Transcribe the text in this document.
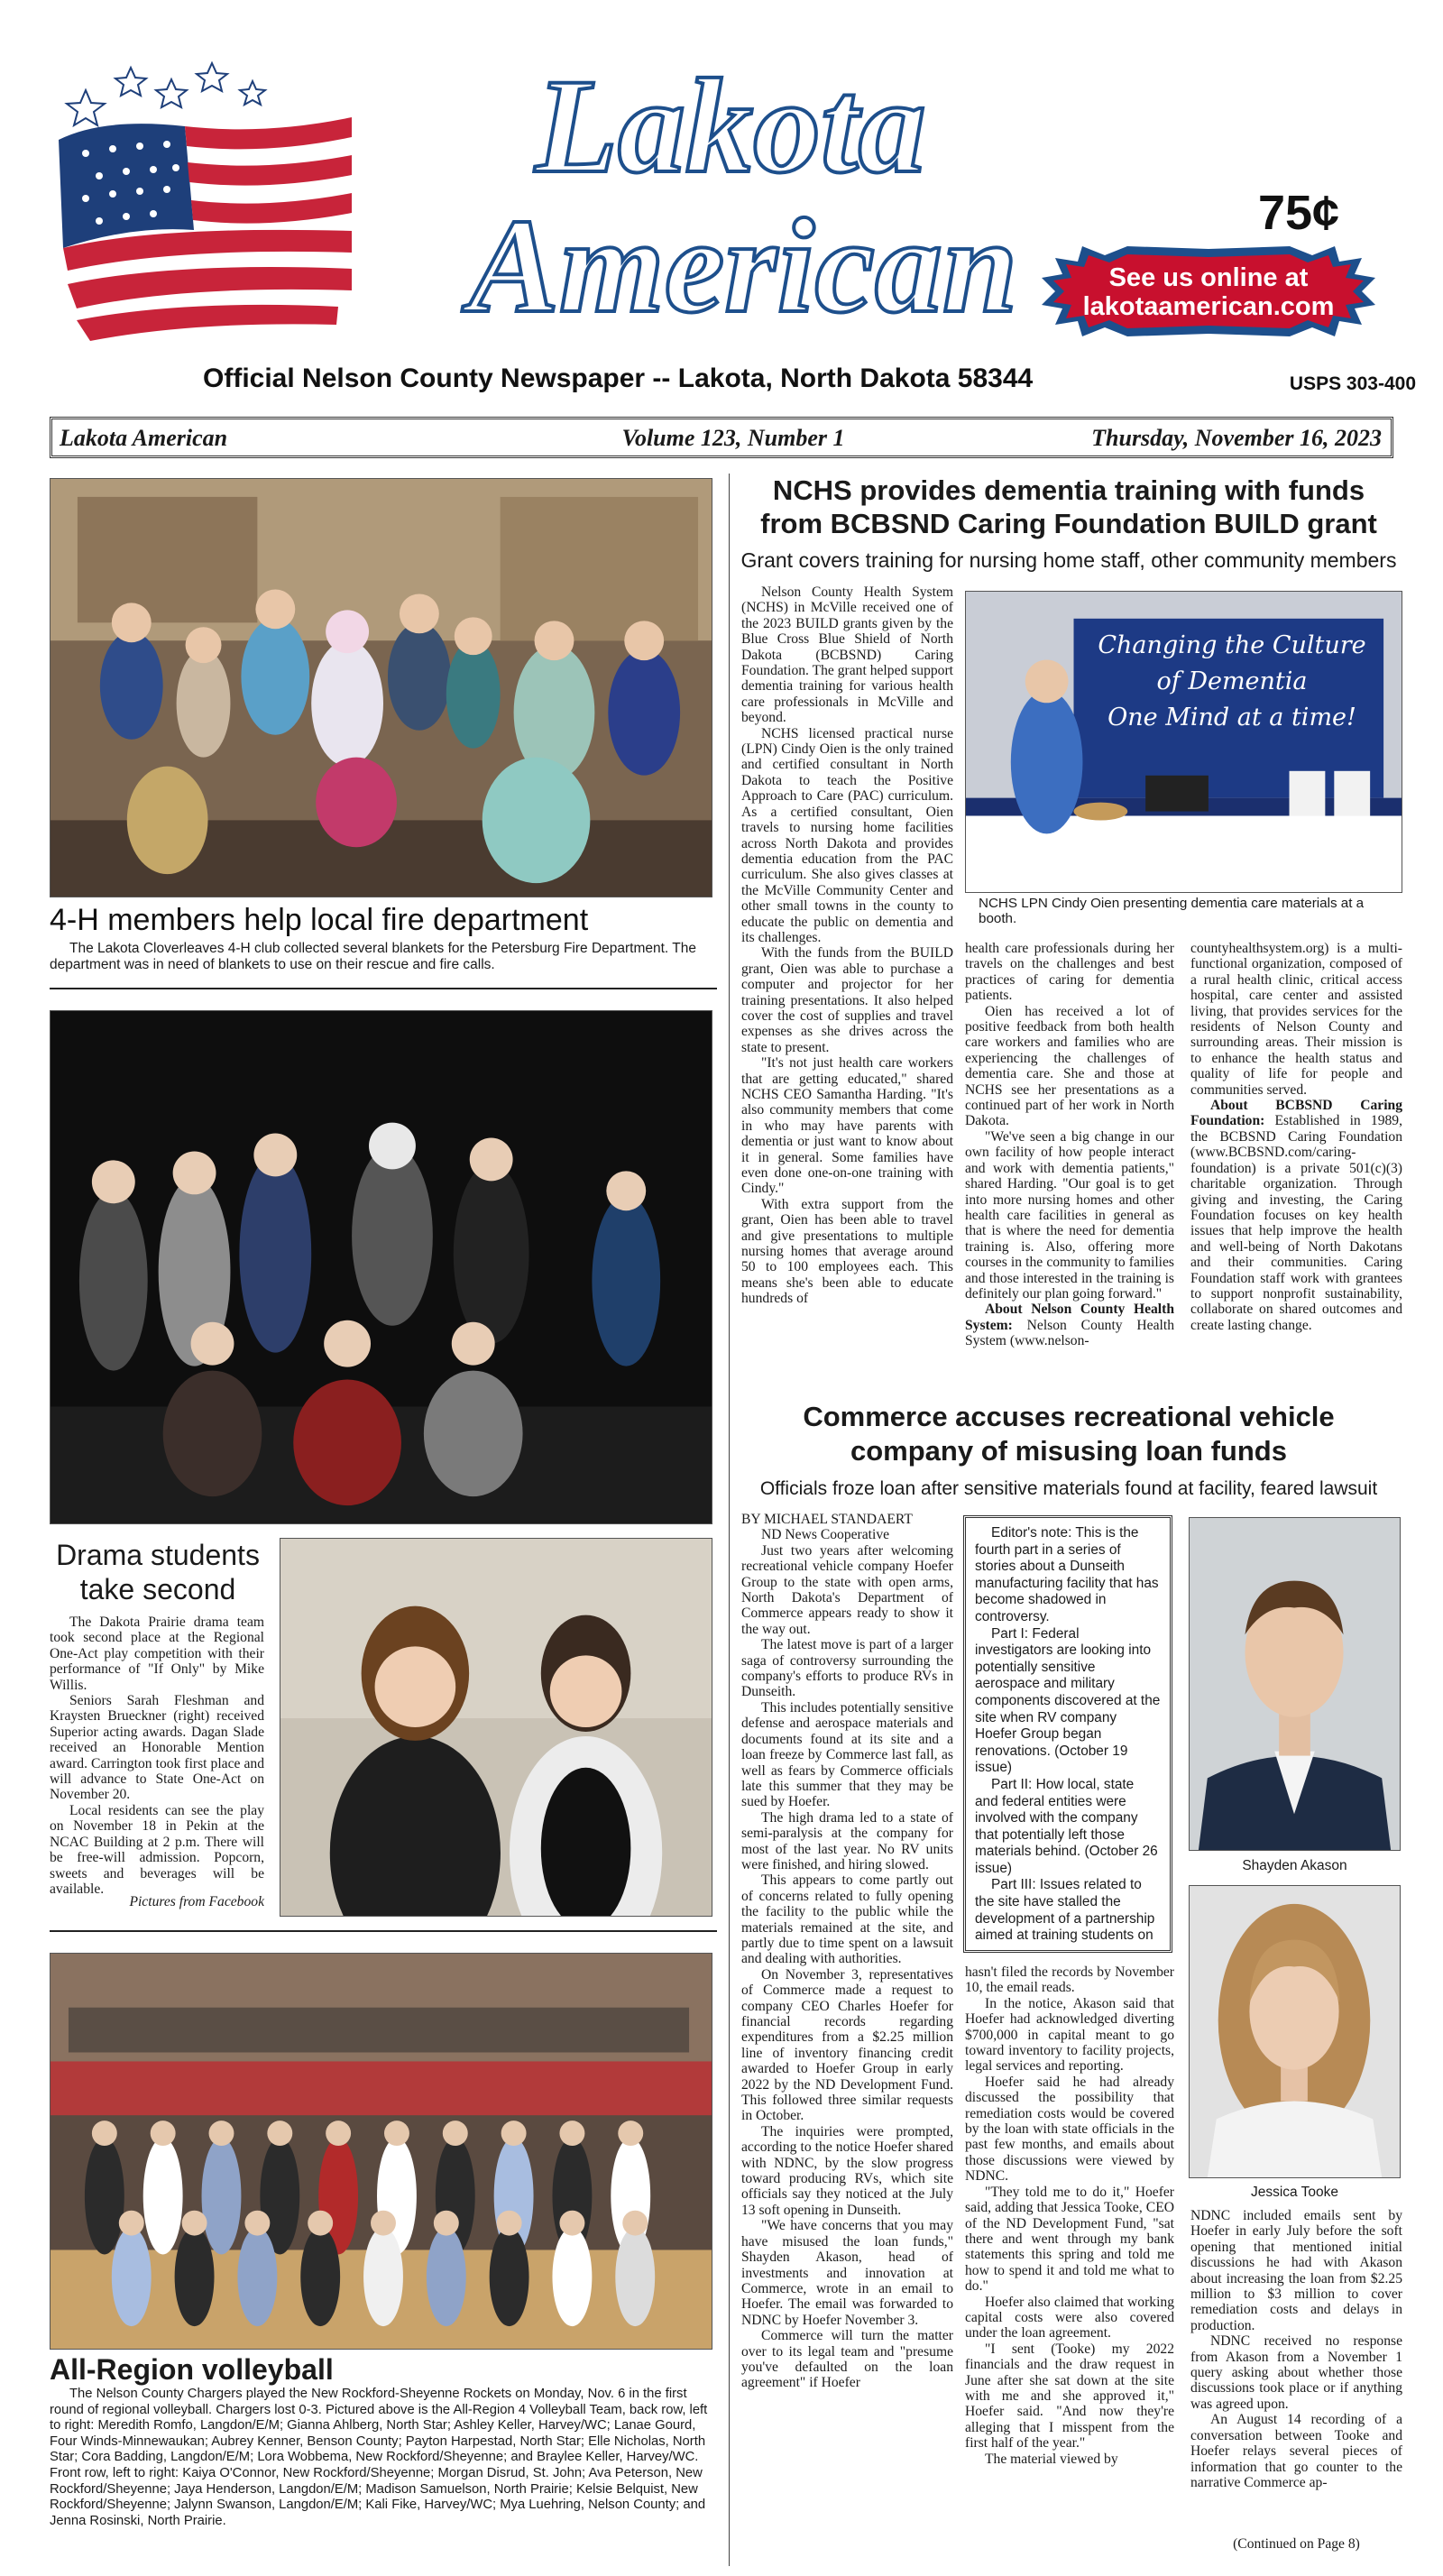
Lakota
American	75¢
See us online at
lakotaamerican.com
Official Nelson County Newspaper -- Lakota, North Dakota 58344	USPS 303-400
Lakota American	Volume 123, Number 1	Thursday, November 16, 2023
4-H members help local fire department
The Lakota Cloverleaves 4-H club collected several blankets for the Petersburg Fire Department. The department was in need of blankets to use on their rescue and fire calls.
Drama students
take second

The Dakota Prairie drama team took second place at the Regional One-Act play competition with their performance of "If Only" by Mike Willis.

Seniors Sarah Fleshman and Kraysten Brueckner (right) received Superior acting awards. Dagan Slade received an Honorable Mention award. Carrington took first place and will advance to State One-Act on November 20.

Local residents can see the play on November 18 in Pekin at the NCAC Building at 2 p.m. There will be free-will admission. Popcorn, sweets and beverages will be available.

Pictures from Facebook
All-Region volleyball
The Nelson County Chargers played the New Rockford-Sheyenne Rockets on Monday, Nov. 6 in the first round of regional volleyball. Chargers lost 0-3. Pictured above is the All-Region 4 Volleyball Team, back row, left to right: Meredith Romfo, Langdon/E/M; Gianna Ahlberg, North Star; Ashley Keller, Harvey/WC; Lanae Gourd, Four Winds-Minnewaukan; Aubrey Kenner, Benson County; Payton Harpestad, North Star; Elle Nicholas, North Star; Cora Badding, Langdon/E/M; Lora Wobbema, New Rockford/Sheyenne; and Braylee Keller, Harvey/WC. Front row, left to right: Kaiya O'Connor, New Rockford/Sheyenne; Morgan Disrud, St. John; Ava Peterson, New Rockford/Sheyenne; Jaya Henderson, Langdon/E/M; Madison Samuelson, North Prairie; Kelsie Belquist, New Rockford/Sheyenne; Jalynn Swanson, Langdon/E/M; Kali Fike, Harvey/WC; Mya Luehring, Nelson County; and Jenna Rosinski, North Prairie.
NCHS provides dementia training with funds
from BCBSND Caring Foundation BUILD grant
Grant covers training for nursing home staff, other community members

Nelson County Health System (NCHS) in McVille received one of the 2023 BUILD grants given by the Blue Cross Blue Shield of North Dakota (BCBSND) Caring Foundation. The grant helped support dementia training for various health care professionals in McVille and beyond.

NCHS licensed practical nurse (LPN) Cindy Oien is the only trained and certified consultant in North Dakota to teach the Positive Approach to Care (PAC) curriculum. As a certified consultant, Oien travels to nursing home facilities across North Dakota and provides dementia education from the PAC curriculum. She also gives classes at the McVille Community Center and other small towns in the county to educate the public on dementia and its challenges.

With the funds from the BUILD grant, Oien was able to purchase a computer and projector for her training presentations. It also helped cover the cost of supplies and travel expenses as she drives across the state to present.

"It's not just health care workers that are getting educated," shared NCHS CEO Samantha Harding. "It's also community members that come in who may have parents with dementia or just want to know about it in general. Some families have even done one-on-one training with Cindy."

With extra support from the grant, Oien has been able to travel and give presentations to multiple nursing homes that average around 50 to 100 employees each. This means she's been able to educate hundreds of

Changing the Culture
of Dementia
One Mind at a time!
NCHS LPN Cindy Oien presenting dementia care materials at a booth.

health care professionals during her travels on the challenges and best practices of caring for dementia patients.

Oien has received a lot of positive feedback from both health care workers and families who are experiencing the challenges of dementia care. She and those at NCHS see her presentations as a continued part of her work in North Dakota.

"We've seen a big change in our own facility of how people interact and work with dementia patients," shared Harding. "Our goal is to get into more nursing homes and other health care facilities in general as that is where the need for dementia training is. Also, offering more courses in the community to families and those interested in the training is definitely our plan going forward."

About Nelson County Health System: Nelson County Health System (www.nelson-

countyhealthsystem.org) is a multi-functional organization, composed of a rural health clinic, critical access hospital, care center and assisted living, that provides services for the residents of Nelson County and surrounding areas. Their mission is to enhance the health status and quality of life for people and communities served.

About BCBSND Caring Foundation: Established in 1989, the BCBSND Caring Foundation (www.BCBSND.com/caring-foundation) is a private 501(c)(3) charitable organization. Through giving and investing, the Caring Foundation focuses on key health issues that help improve the health and well-being of North Dakotans and their communities. Caring Foundation staff work with grantees to support nonprofit sustainability, collaborate on shared outcomes and create lasting change.

Commerce accuses recreational vehicle
company of misusing loan funds
Officials froze loan after sensitive materials found at facility, feared lawsuit
BY MICHAEL STANDAERT
ND News Cooperative

Just two years after welcoming recreational vehicle company Hoefer Group to the state with open arms, North Dakota's Department of Commerce appears ready to show it the way out.

The latest move is part of a larger saga of controversy surrounding the company's efforts to produce RVs in Dunseith.

This includes potentially sensitive defense and aerospace materials and documents found at its site and a loan freeze by Commerce last fall, as well as fears by Commerce officials late this summer that they may be sued by Hoefer.

The high drama led to a state of semi-paralysis at the company for most of the last year. No RV units were finished, and hiring slowed.

This appears to come partly out of concerns related to fully opening the facility to the public while the materials remained at the site, and partly due to time spent on a lawsuit and dealing with authorities.

On November 3, representatives of Commerce made a request to company CEO Charles Hoefer for financial records regarding expenditures from a $2.25 million line of inventory financing credit awarded to Hoefer Group in early 2022 by the ND Development Fund. This followed three similar requests in October.

The inquiries were prompted, according to the notice Hoefer shared with NDNC, by the slow progress toward producing RVs, which site officials say they noticed at the July 13 soft opening in Dunseith.

"We have concerns that you may have misused the loan funds," Shayden Akason, head of investments and innovation at Commerce, wrote in an email to Hoefer. The email was forwarded to NDNC by Hoefer November 3.

Commerce will turn the matter over to its legal team and "presume you've defaulted on the loan agreement" if Hoefer

Editor's note: This is the fourth part in a series of stories about a Dunseith manufacturing facility that has become shadowed in controversy.

Part I: Federal investigators are looking into potentially sensitive aerospace and military components discovered at the site when RV company Hoefer Group began renovations. (October 19 issue)

Part II: How local, state and federal entities were involved with the company that potentially left those materials behind. (October 26 issue)

Part III: Issues related to the site have stalled the development of a partnership aimed at training students on

hasn't filed the records by November 10, the email reads.

In the notice, Akason said that Hoefer had acknowledged diverting $700,000 in capital meant to go toward inventory to facility projects, legal services and reporting.

Hoefer said he had already discussed the possibility that remediation costs would be covered by the loan with state officials in the past few months, and emails about those discussions were viewed by NDNC.

"They told me to do it," Hoefer said, adding that Jessica Tooke, CEO of the ND Development Fund, "sat there and went through my bank statements this spring and told me how to spend it and told me what to do."

Hoefer also claimed that working capital costs were also covered under the loan agreement.

"I sent (Tooke) my 2022 financials and the draw request in June after she sat down at the site with me and she approved it," Hoefer said. "And now they're alleging that I misspent from the first half of the year."

The material viewed by

Shayden Akason
Jessica Tooke

NDNC included emails sent by Hoefer in early July before the soft opening that mentioned initial discussions he had with Akason about increasing the loan from $2.25 million to $3 million to cover remediation costs and delays in production.

NDNC received no response from Akason from a November 1 query asking about whether those discussions took place or if anything was agreed upon.

An August 14 recording of a conversation between Tooke and Hoefer relays several pieces of information that go counter to the narrative Commerce ap-

(Continued on Page 8)
